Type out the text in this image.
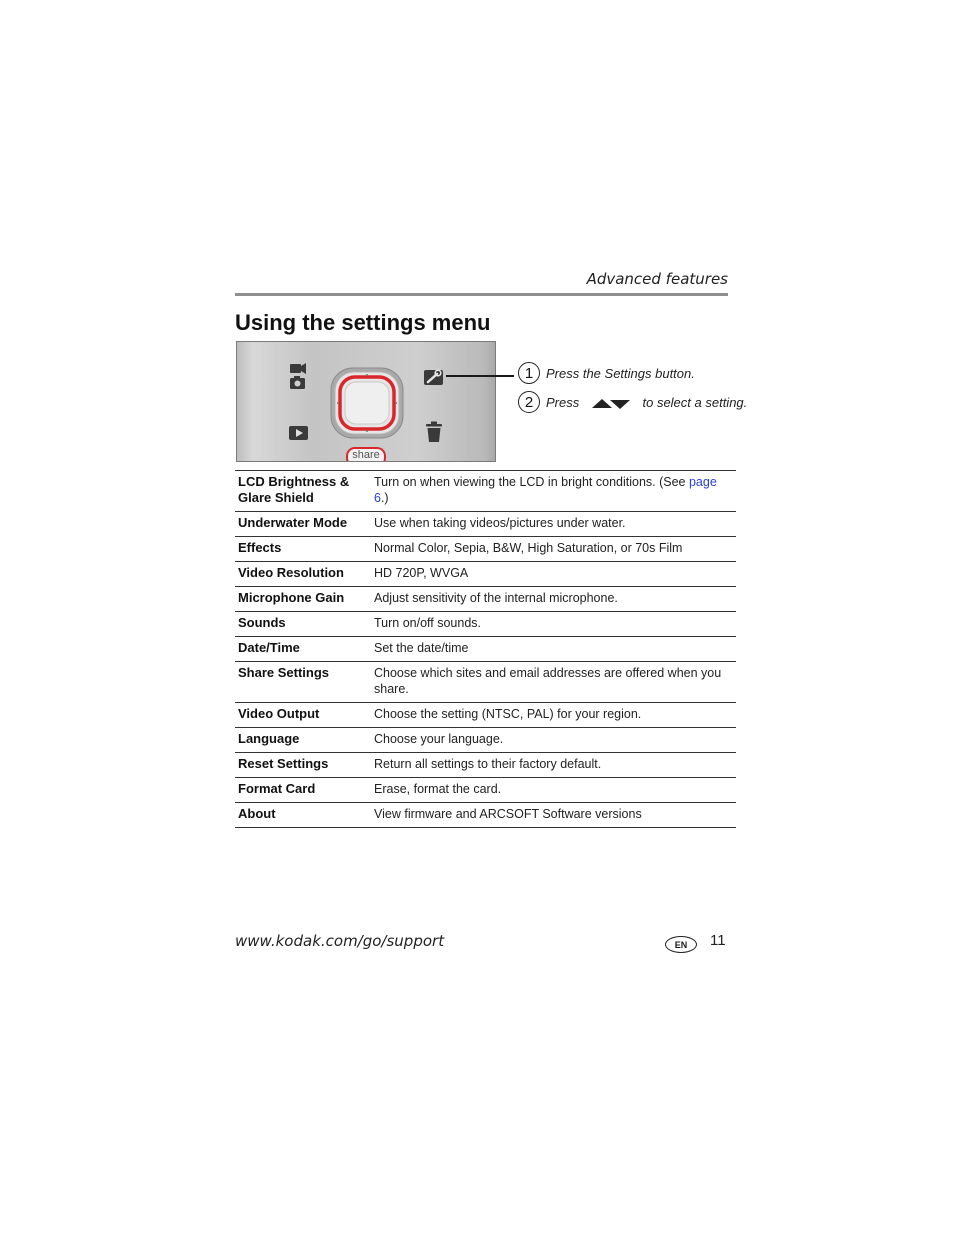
Advanced features
Using the settings menu
share
1 Press the Settings button.
2 Press	to select a setting.
LCD Brightness & Glare Shield	Turn on when viewing the LCD in bright conditions. (See page 6.)
Underwater Mode	Use when taking videos/pictures under water.
Effects	Normal Color, Sepia, B&W, High Saturation, or 70s Film
Video Resolution	HD 720P, WVGA
Microphone Gain	Adjust sensitivity of the internal microphone.
Sounds	Turn on/off sounds.
Date/Time	Set the date/time
Share Settings	Choose which sites and email addresses are offered when you share.
Video Output	Choose the setting (NTSC, PAL) for your region.
Language	Choose your language.
Reset Settings	Return all settings to their factory default.
Format Card	Erase, format the card.
About	View firmware and ARCSOFT Software versions
www.kodak.com/go/support	EN	11
